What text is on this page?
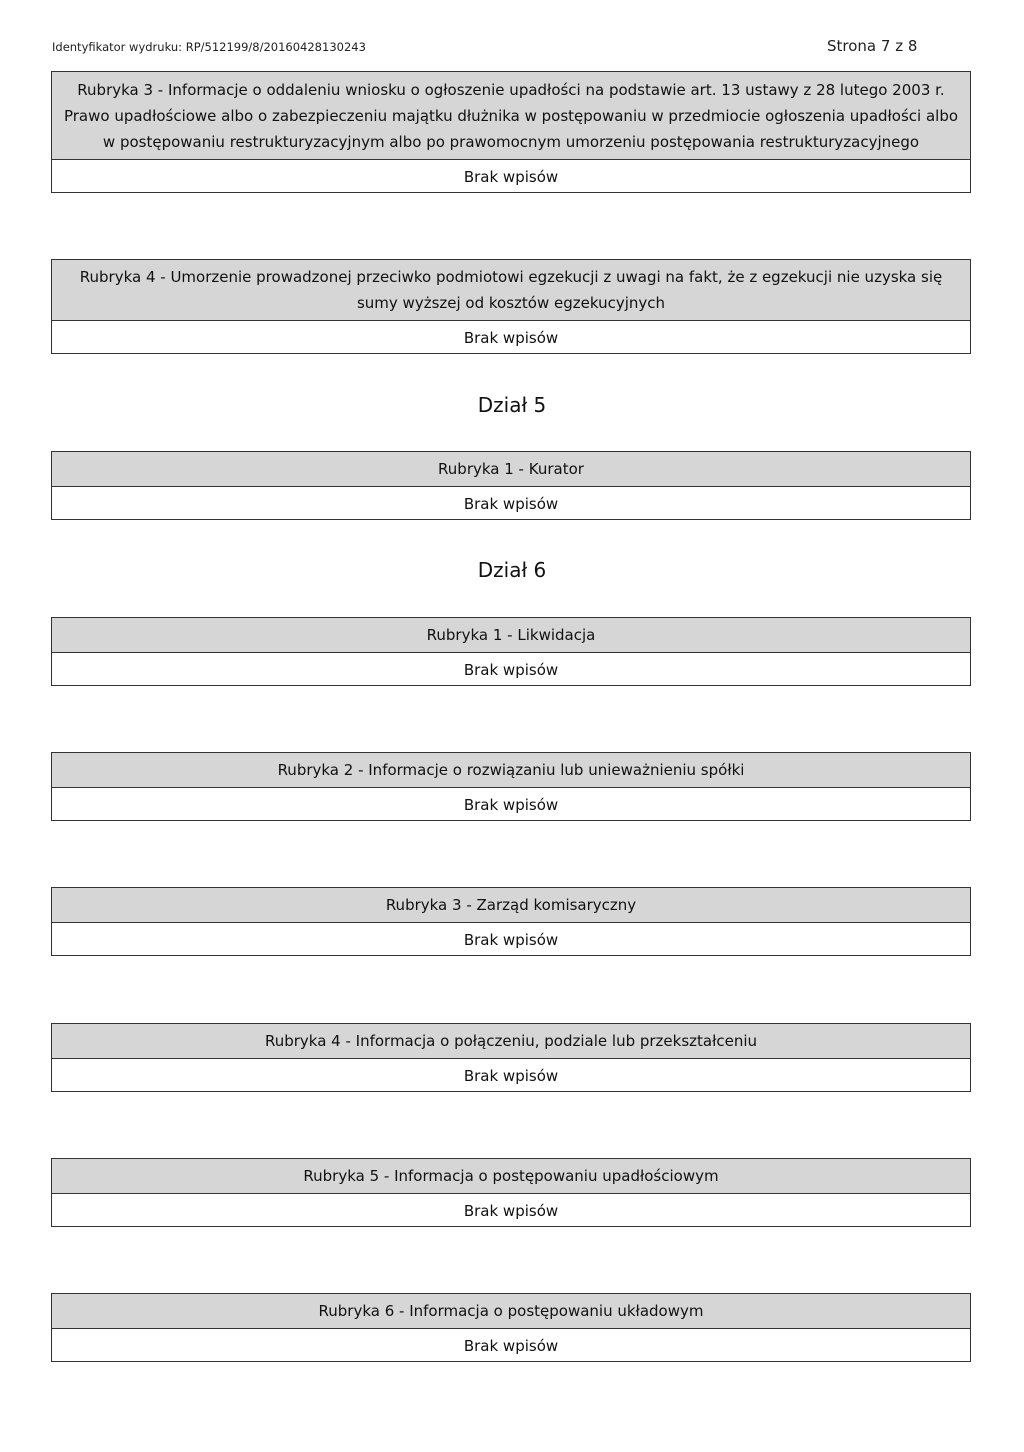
Identyfikator wydruku: RP/512199/8/20160428130243	Strona 7 z 8
Rubryka 3 - Informacje o oddaleniu wniosku o ogłoszenie upadłości na podstawie art. 13 ustawy z 28 lutego 2003 r.
Prawo upadłościowe albo o zabezpieczeniu majątku dłużnika w postępowaniu w przedmiocie ogłoszenia upadłości albo
w postępowaniu restrukturyzacyjnym albo po prawomocnym umorzeniu postępowania restrukturyzacyjnego
Brak wpisów
Rubryka 4 - Umorzenie prowadzonej przeciwko podmiotowi egzekucji z uwagi na fakt, że z egzekucji nie uzyska się
sumy wyższej od kosztów egzekucyjnych
Brak wpisów
Dział 5
Rubryka 1 - Kurator
Brak wpisów
Dział 6
Rubryka 1 - Likwidacja
Brak wpisów
Rubryka 2 - Informacje o rozwiązaniu lub unieważnieniu spółki
Brak wpisów
Rubryka 3 - Zarząd komisaryczny
Brak wpisów
Rubryka 4 - Informacja o połączeniu, podziale lub przekształceniu
Brak wpisów
Rubryka 5 - Informacja o postępowaniu upadłościowym
Brak wpisów
Rubryka 6 - Informacja o postępowaniu układowym
Brak wpisów
